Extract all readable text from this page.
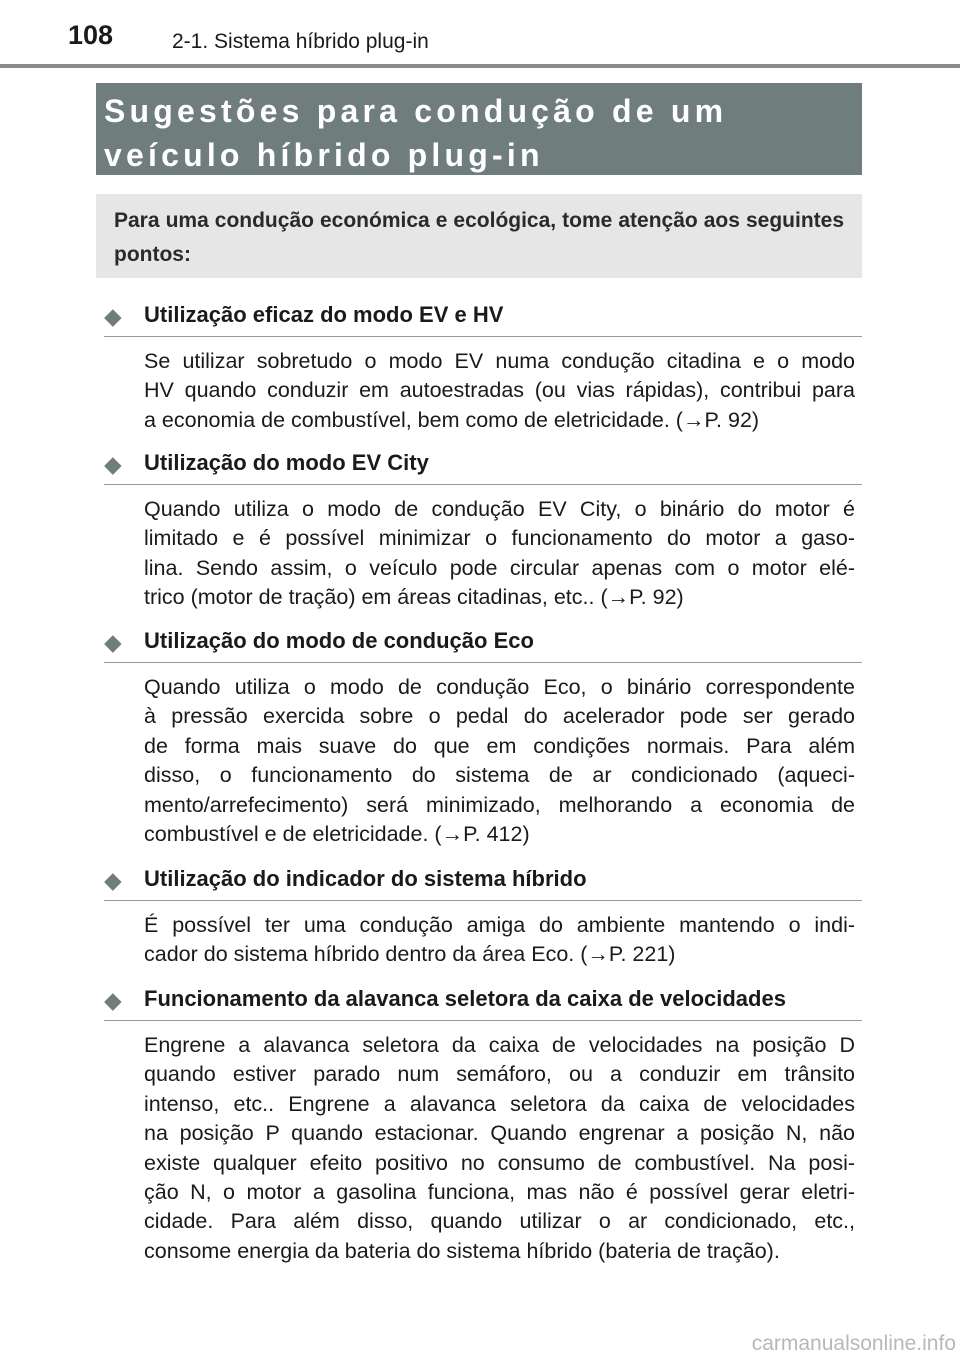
108	2-1. Sistema híbrido plug-in
Sugestões para condução de um veículo híbrido plug-in
Para uma condução económica e ecológica, tome atenção aos seguintes pontos:
◆ Utilização eficaz do modo EV e HV
Se utilizar sobretudo o modo EV numa condução citadina e o modo
HV quando conduzir em autoestradas (ou vias rápidas), contribui para
a economia de combustível, bem como de eletricidade. (→P. 92)
◆ Utilização do modo EV City
Quando utiliza o modo de condução EV City, o binário do motor é
limitado e é possível minimizar o funcionamento do motor a gaso-
lina. Sendo assim, o veículo pode circular apenas com o motor elé-
trico (motor de tração) em áreas citadinas, etc.. (→P. 92)
◆ Utilização do modo de condução Eco
Quando utiliza o modo de condução Eco, o binário correspondente
à pressão exercida sobre o pedal do acelerador pode ser gerado
de forma mais suave do que em condições normais. Para além
disso, o funcionamento do sistema de ar condicionado (aqueci-
mento/arrefecimento) será minimizado, melhorando a economia de
combustível e de eletricidade. (→P. 412)
◆ Utilização do indicador do sistema híbrido
É possível ter uma condução amiga do ambiente mantendo o indi-
cador do sistema híbrido dentro da área Eco. (→P. 221)
◆ Funcionamento da alavanca seletora da caixa de velocidades
Engrene a alavanca seletora da caixa de velocidades na posição D
quando estiver parado num semáforo, ou a conduzir em trânsito
intenso, etc.. Engrene a alavanca seletora da caixa de velocidades
na posição P quando estacionar. Quando engrenar a posição N, não
existe qualquer efeito positivo no consumo de combustível. Na posi-
ção N, o motor a gasolina funciona, mas não é possível gerar eletri-
cidade. Para além disso, quando utilizar o ar condicionado, etc.,
consome energia da bateria do sistema híbrido (bateria de tração).
carmanualsonline.info
